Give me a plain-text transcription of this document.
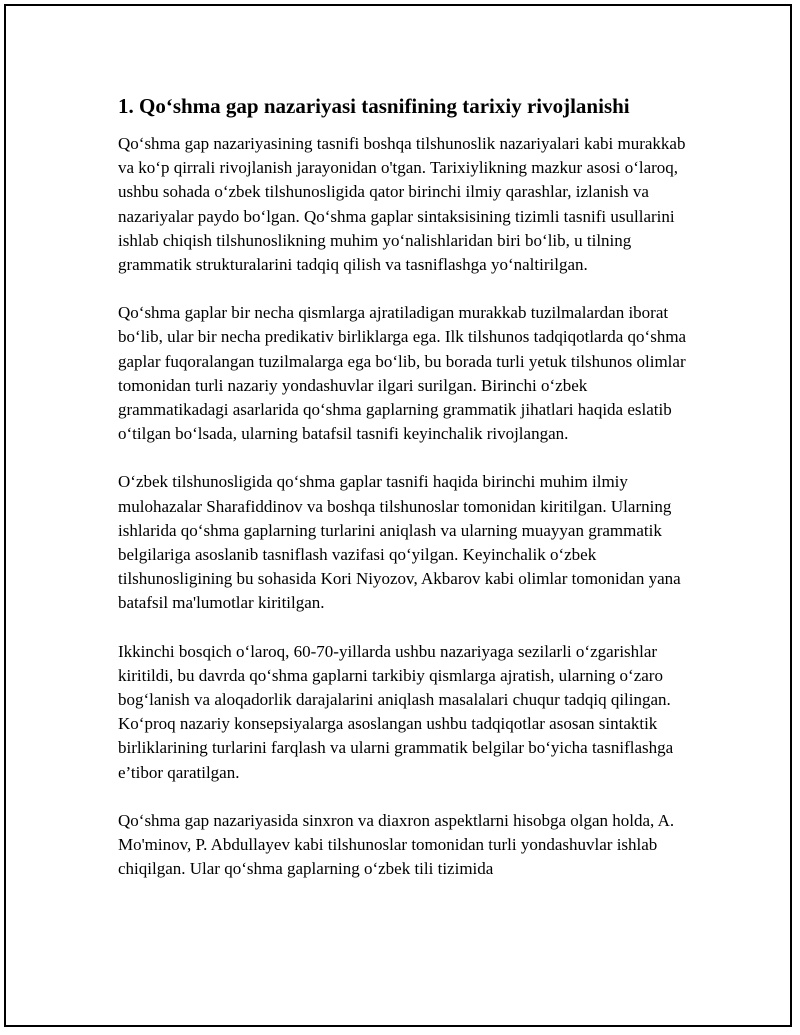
1. Qo‘shma gap nazariyasi tasnifining tarixiy rivojlanishi

Qo‘shma gap nazariyasining tasnifi boshqa tilshunoslik nazariyalari kabi murakkab va ko‘p qirrali rivojlanish jarayonidan o'tgan. Tarixiylikning mazkur asosi o‘laroq, ushbu sohada o‘zbek tilshunosligida qator birinchi ilmiy qarashlar, izlanish va nazariyalar paydo bo‘lgan. Qo‘shma gaplar sintaksisining tizimli tasnifi usullarini ishlab chiqish tilshunoslikning muhim yo‘nalishlaridan biri bo‘lib, u tilning grammatik strukturalarini tadqiq qilish va tasniflashga yo‘naltirilgan.

Qo‘shma gaplar bir necha qismlarga ajratiladigan murakkab tuzilmalardan iborat bo‘lib, ular bir necha predikativ birliklarga ega. Ilk tilshunos tadqiqotlarda qo‘shma gaplar fuqoralangan tuzilmalarga ega bo‘lib, bu borada turli yetuk tilshunos olimlar tomonidan turli nazariy yondashuvlar ilgari surilgan. Birinchi o‘zbek grammatikadagi asarlarida qo‘shma gaplarning grammatik jihatlari haqida eslatib o‘tilgan bo‘lsada, ularning batafsil tasnifi keyinchalik rivojlangan.

O‘zbek tilshunosligida qo‘shma gaplar tasnifi haqida birinchi muhim ilmiy mulohazalar Sharafiddinov va boshqa tilshunoslar tomonidan kiritilgan. Ularning ishlarida qo‘shma gaplarning turlarini aniqlash va ularning muayyan grammatik belgilariga asoslanib tasniflash vazifasi qo‘yilgan. Keyinchalik o‘zbek tilshunosligining bu sohasida Kori Niyozov, Akbarov kabi olimlar tomonidan yana batafsil ma'lumotlar kiritilgan.

Ikkinchi bosqich o‘laroq, 60-70-yillarda ushbu nazariyaga sezilarli o‘zgarishlar kiritildi, bu davrda qo‘shma gaplarni tarkibiy qismlarga ajratish, ularning o‘zaro bog‘lanish va aloqadorlik darajalarini aniqlash masalalari chuqur tadqiq qilingan. Ko‘proq nazariy konsepsiyalarga asoslangan ushbu tadqiqotlar asosan sintaktik birliklarining turlarini farqlash va ularni grammatik belgilar bo‘yicha tasniflashga e’tibor qaratilgan.

Qo‘shma gap nazariyasida sinxron va diaxron aspektlarni hisobga olgan holda, A. Mo'minov, P. Abdullayev kabi tilshunoslar tomonidan turli yondashuvlar ishlab chiqilgan. Ular qo‘shma gaplarning o‘zbek tili tizimida
